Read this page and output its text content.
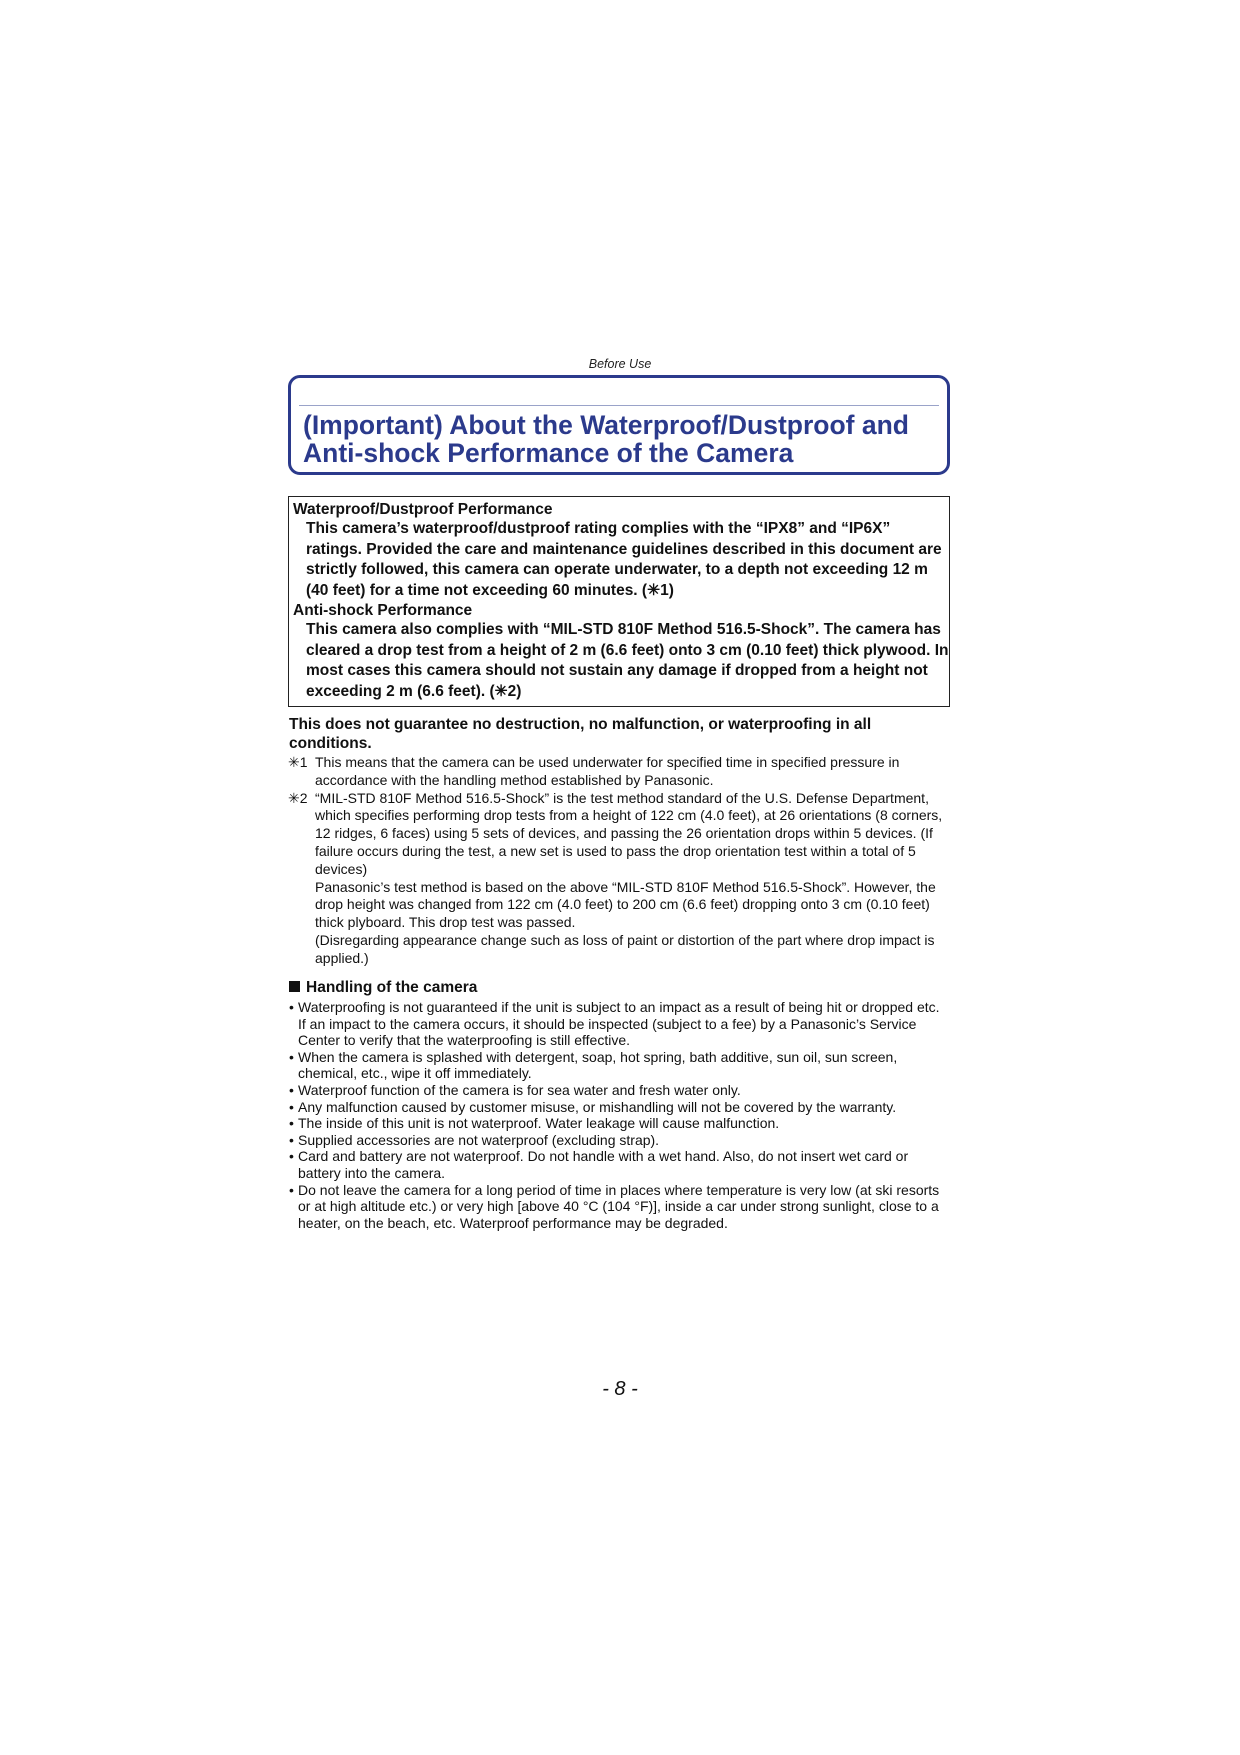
Before Use
(Important) About the Waterproof/Dustproof and
Anti-shock Performance of the Camera
Waterproof/Dustproof Performance
This camera’s waterproof/dustproof rating complies with the “IPX8” and “IP6X” ratings. Provided the care and maintenance guidelines described in this document are strictly followed, this camera can operate underwater, to a depth not exceeding 12 m (40 feet) for a time not exceeding 60 minutes. (✳1)
Anti-shock Performance
This camera also complies with “MIL-STD 810F Method 516.5-Shock”. The camera has cleared a drop test from a height of 2 m (6.6 feet) onto 3 cm (0.10 feet) thick plywood. In most cases this camera should not sustain any damage if dropped from a height not exceeding 2 m (6.6 feet). (✳2)
This does not guarantee no destruction, no malfunction, or waterproofing in all conditions.
✳1 This means that the camera can be used underwater for specified time in specified pressure in accordance with the handling method established by Panasonic.

✳2 “MIL-STD 810F Method 516.5-Shock” is the test method standard of the U.S. Defense Department, which specifies performing drop tests from a height of 122 cm (4.0 feet), at 26 orientations (8 corners, 12 ridges, 6 faces) using 5 sets of devices, and passing the 26 orientation drops within 5 devices. (If failure occurs during the test, a new set is used to pass the drop orientation test within a total of 5 devices)

Panasonic’s test method is based on the above “MIL-STD 810F Method 516.5-Shock”. However, the drop height was changed from 122 cm (4.0 feet) to 200 cm (6.6 feet) dropping onto 3 cm (0.10 feet) thick plyboard. This drop test was passed.

(Disregarding appearance change such as loss of paint or distortion of the part where drop impact is applied.)

Handling of the camera
• Waterproofing is not guaranteed if the unit is subject to an impact as a result of being hit or dropped etc. If an impact to the camera occurs, it should be inspected (subject to a fee) by a Panasonic’s Service Center to verify that the waterproofing is still effective.
• When the camera is splashed with detergent, soap, hot spring, bath additive, sun oil, sun screen, chemical, etc., wipe it off immediately.
• Waterproof function of the camera is for sea water and fresh water only.
• Any malfunction caused by customer misuse, or mishandling will not be covered by the warranty.
• The inside of this unit is not waterproof. Water leakage will cause malfunction.
• Supplied accessories are not waterproof (excluding strap).
• Card and battery are not waterproof. Do not handle with a wet hand. Also, do not insert wet card or battery into the camera.
• Do not leave the camera for a long period of time in places where temperature is very low (at ski resorts or at high altitude etc.) or very high [above 40 °C (104 °F)], inside a car under strong sunlight, close to a heater, on the beach, etc. Waterproof performance may be degraded.
- 8 -
